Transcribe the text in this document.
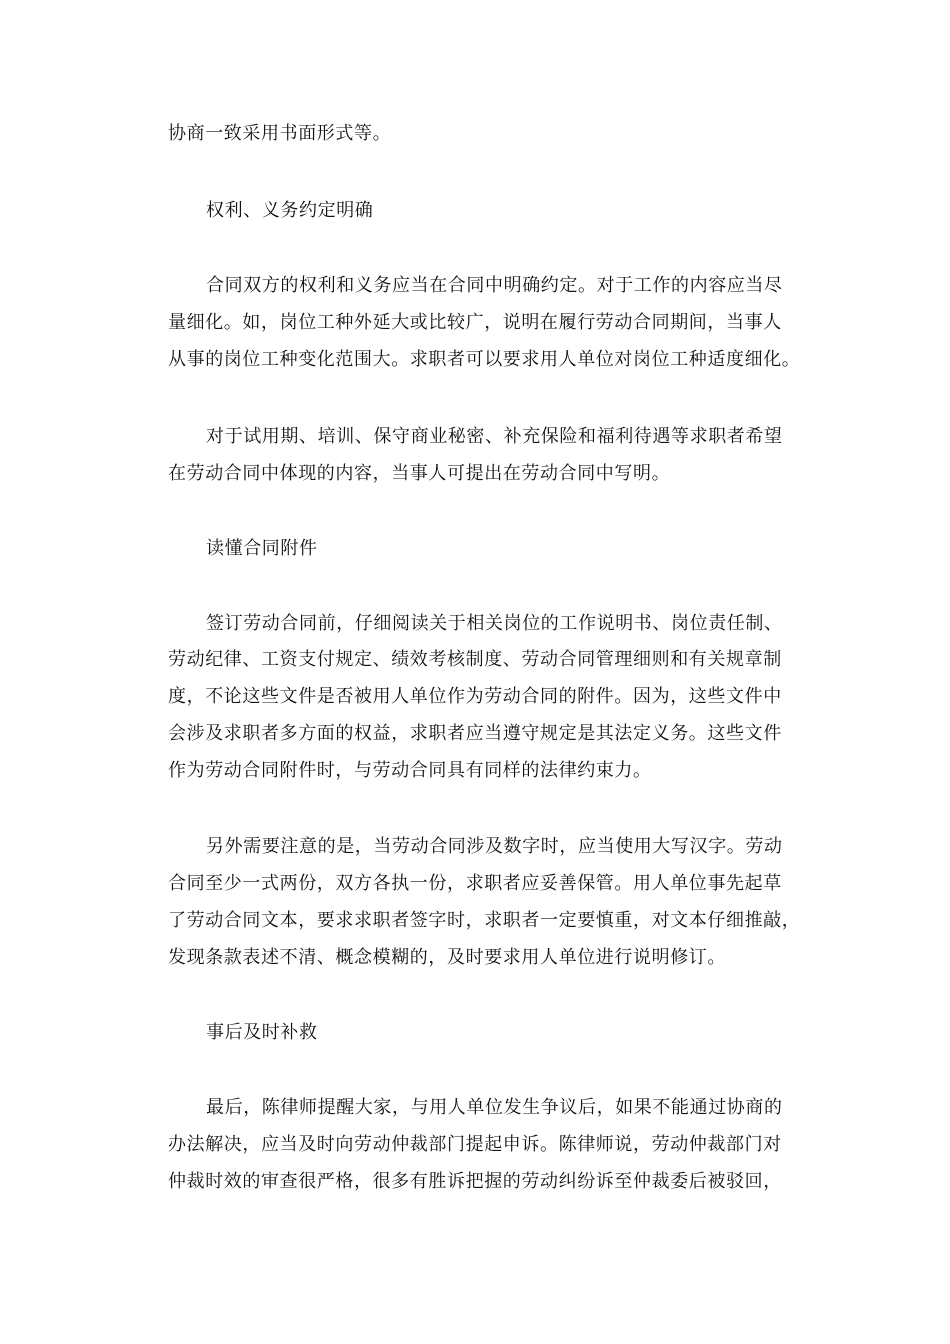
协商一致采用书面形式等。
权利、义务约定明确
合同双方的权利和义务应当在合同中明确约定。对于工作的内容应当尽
量细化。如，岗位工种外延大或比较广，说明在履行劳动合同期间，当事人
从事的岗位工种变化范围大。求职者可以要求用人单位对岗位工种适度细化。
对于试用期、培训、保守商业秘密、补充保险和福利待遇等求职者希望
在劳动合同中体现的内容，当事人可提出在劳动合同中写明。
读懂合同附件
签订劳动合同前，仔细阅读关于相关岗位的工作说明书、岗位责任制、
劳动纪律、工资支付规定、绩效考核制度、劳动合同管理细则和有关规章制
度，不论这些文件是否被用人单位作为劳动合同的附件。因为，这些文件中
会涉及求职者多方面的权益，求职者应当遵守规定是其法定义务。这些文件
作为劳动合同附件时，与劳动合同具有同样的法律约束力。
另外需要注意的是，当劳动合同涉及数字时，应当使用大写汉字。劳动
合同至少一式两份，双方各执一份，求职者应妥善保管。用人单位事先起草
了劳动合同文本，要求求职者签字时，求职者一定要慎重，对文本仔细推敲，
发现条款表述不清、概念模糊的，及时要求用人单位进行说明修订。
事后及时补救
最后，陈律师提醒大家，与用人单位发生争议后，如果不能通过协商的
办法解决，应当及时向劳动仲裁部门提起申诉。陈律师说，劳动仲裁部门对
仲裁时效的审查很严格，很多有胜诉把握的劳动纠纷诉至仲裁委后被驳回，
